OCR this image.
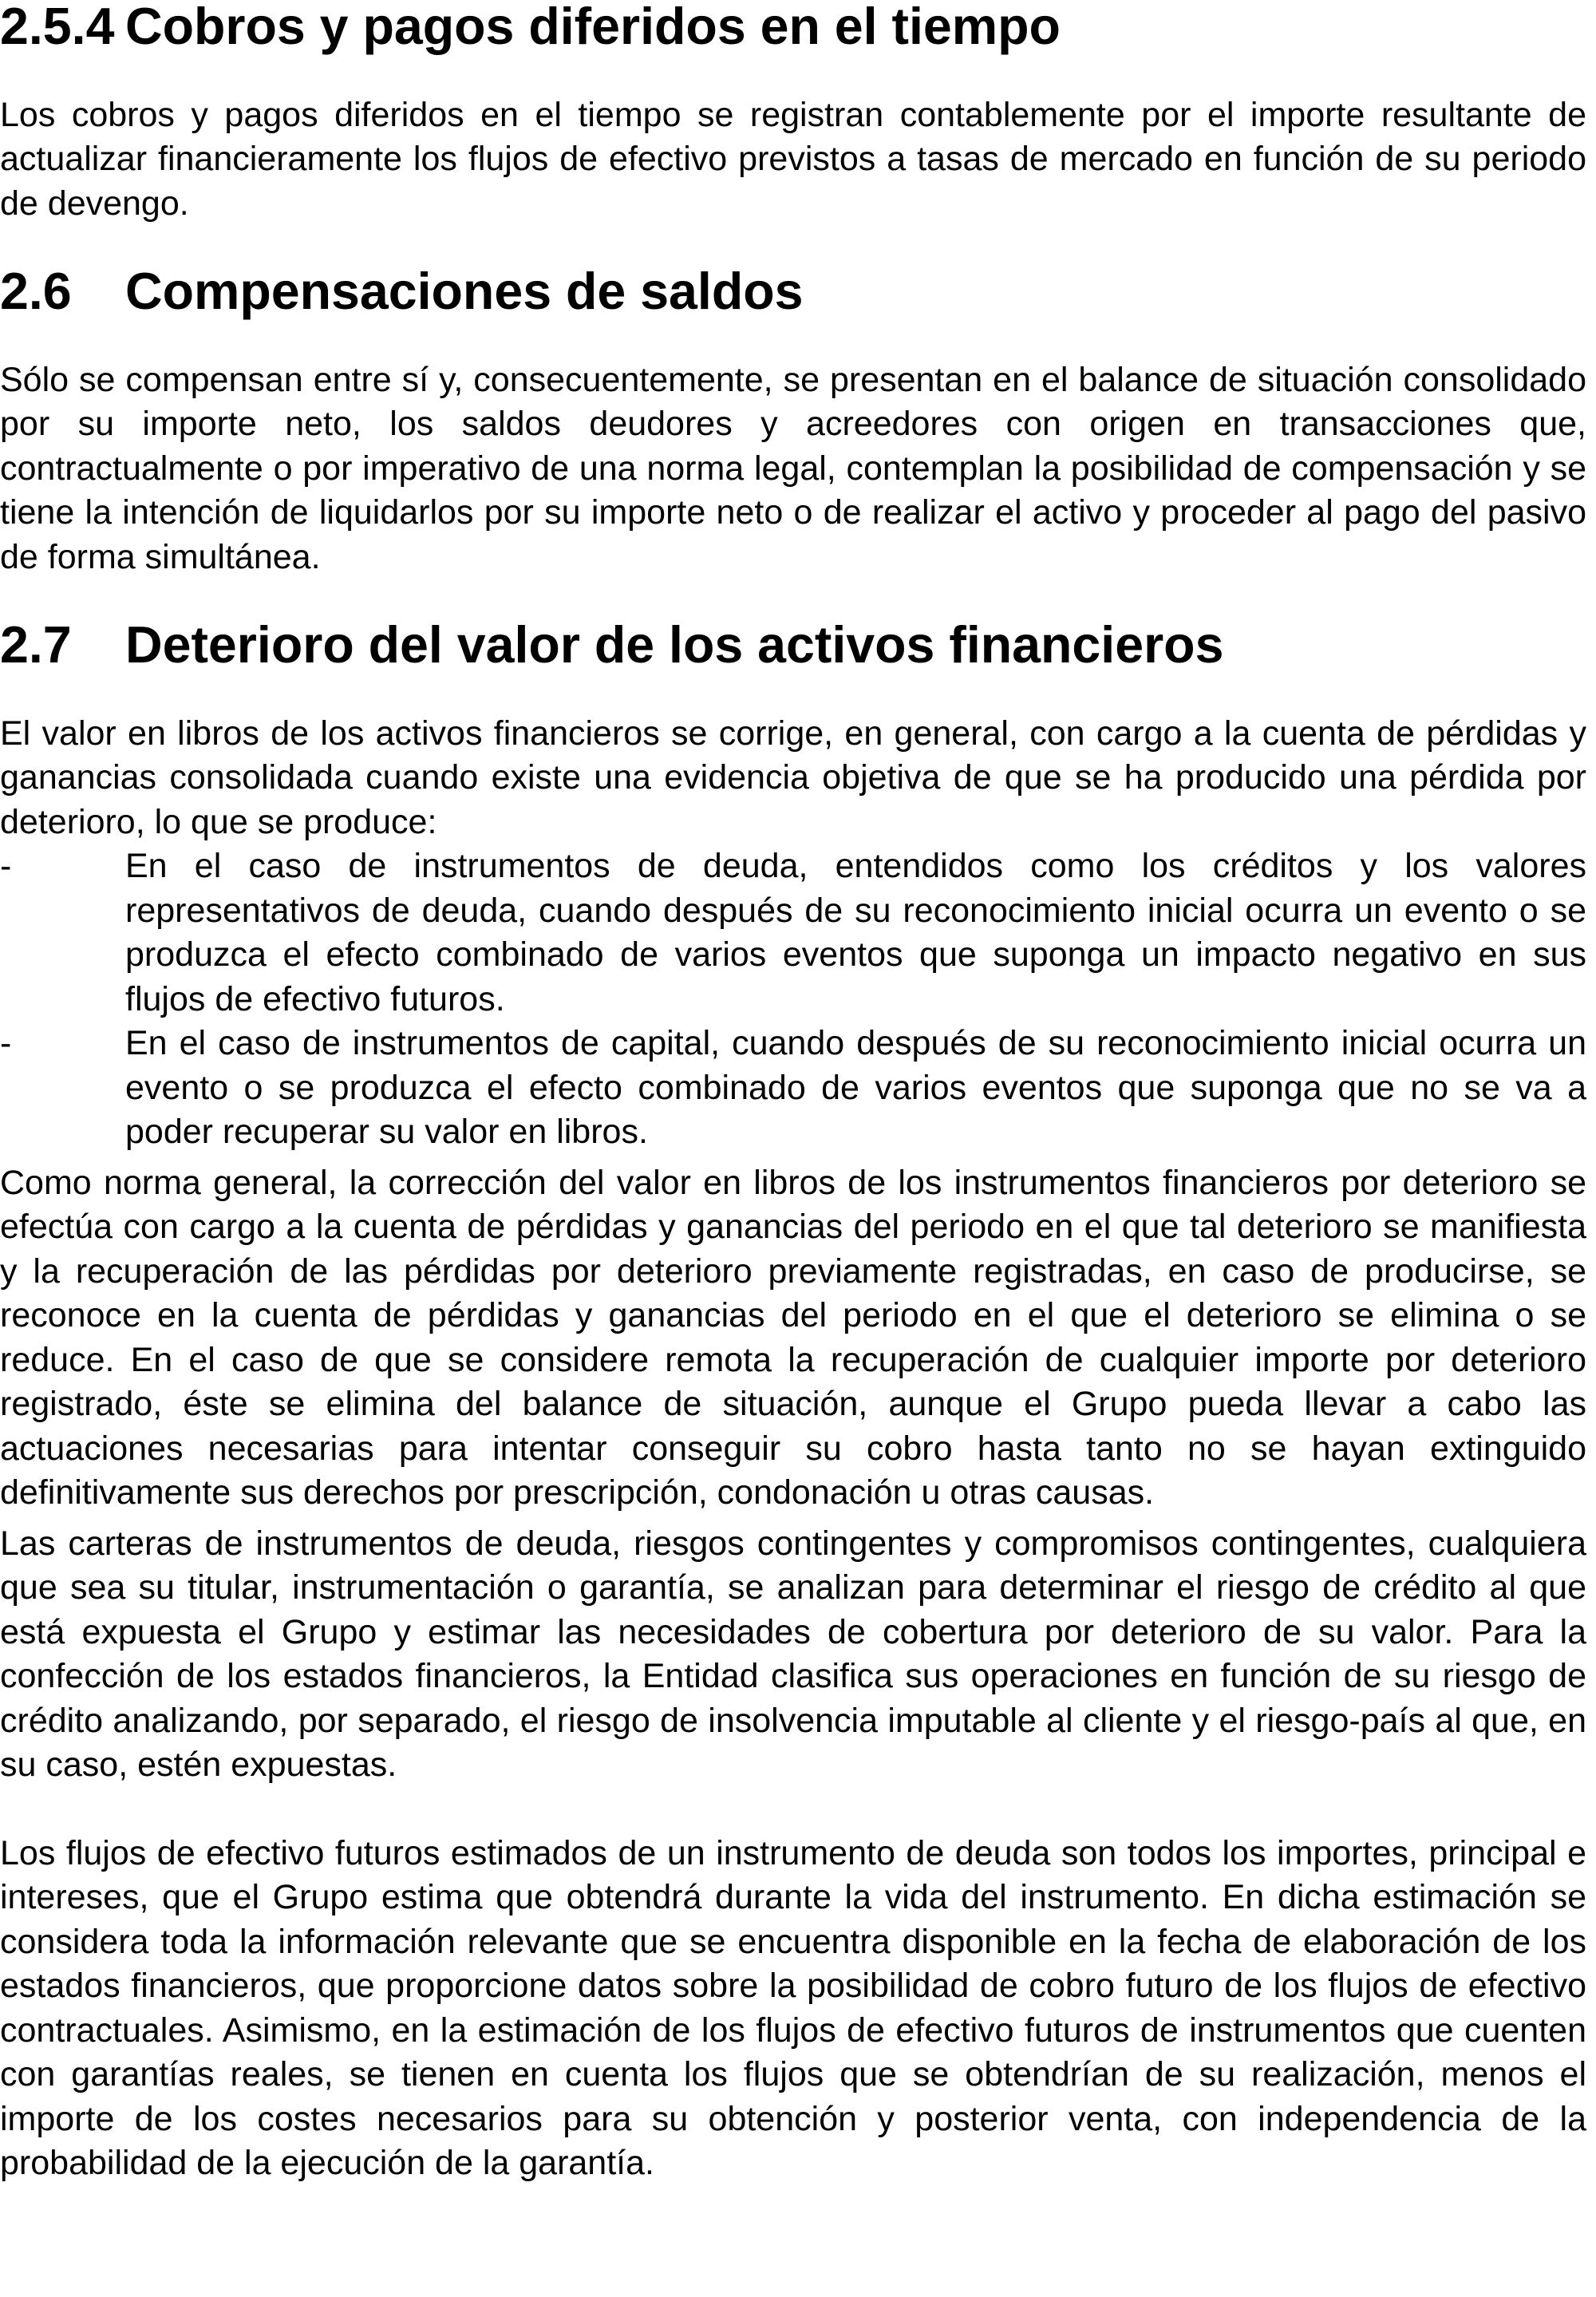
2.5.4 Cobros y pagos diferidos en el tiempo

Los cobros y pagos diferidos en el tiempo se registran contablemente por el importe resultante de actualizar financieramente los flujos de efectivo previstos a tasas de mercado en función de su periodo de devengo.

2.6	Compensaciones de saldos

Sólo se compensan entre sí y, consecuentemente, se presentan en el balance de situación consolidado por su importe neto, los saldos deudores y acreedores con origen en transacciones que, contractualmente o por imperativo de una norma legal, contemplan la posibilidad de compensación y se tiene la intención de liquidarlos por su importe neto o de realizar el activo y proceder al pago del pasivo de forma simultánea.

2.7	Deterioro del valor de los activos financieros

El valor en libros de los activos financieros se corrige, en general, con cargo a la cuenta de pérdidas y ganancias consolidada cuando existe una evidencia objetiva de que se ha producido una pérdida por deterioro, lo que se produce:

-	En el caso de instrumentos de deuda, entendidos como los créditos y los valores representativos de deuda, cuando después de su reconocimiento inicial ocurra un evento o se produzca el efecto combinado de varios eventos que suponga un impacto negativo en sus flujos de efectivo futuros.
-	En el caso de instrumentos de capital, cuando después de su reconocimiento inicial ocurra un evento o se produzca el efecto combinado de varios eventos que suponga que no se va a poder recuperar su valor en libros.

Como norma general, la corrección del valor en libros de los instrumentos financieros por deterioro se efectúa con cargo a la cuenta de pérdidas y ganancias del periodo en el que tal deterioro se manifiesta y la recuperación de las pérdidas por deterioro previamente registradas, en caso de producirse, se reconoce en la cuenta de pérdidas y ganancias del periodo en el que el deterioro se elimina o se reduce. En el caso de que se considere remota la recuperación de cualquier importe por deterioro registrado, éste se elimina del balance de situación, aunque el Grupo pueda llevar a cabo las actuaciones necesarias para intentar conseguir su cobro hasta tanto no se hayan extinguido definitivamente sus derechos por prescripción, condonación u otras causas.

Las carteras de instrumentos de deuda, riesgos contingentes y compromisos contingentes, cualquiera que sea su titular, instrumentación o garantía, se analizan para determinar el riesgo de crédito al que está expuesta el Grupo y estimar las necesidades de cobertura por deterioro de su valor. Para la confección de los estados financieros, la Entidad clasifica sus operaciones en función de su riesgo de crédito analizando, por separado, el riesgo de insolvencia imputable al cliente y el riesgo-país al que, en su caso, estén expuestas.

Los flujos de efectivo futuros estimados de un instrumento de deuda son todos los importes, principal e intereses, que el Grupo estima que obtendrá durante la vida del instrumento. En dicha estimación se considera toda la información relevante que se encuentra disponible en la fecha de elaboración de los estados financieros, que proporcione datos sobre la posibilidad de cobro futuro de los flujos de efectivo contractuales. Asimismo, en la estimación de los flujos de efectivo futuros de instrumentos que cuenten con garantías reales, se tienen en cuenta los flujos que se obtendrían de su realización, menos el importe de los costes necesarios para su obtención y posterior venta, con independencia de la probabilidad de la ejecución de la garantía.
